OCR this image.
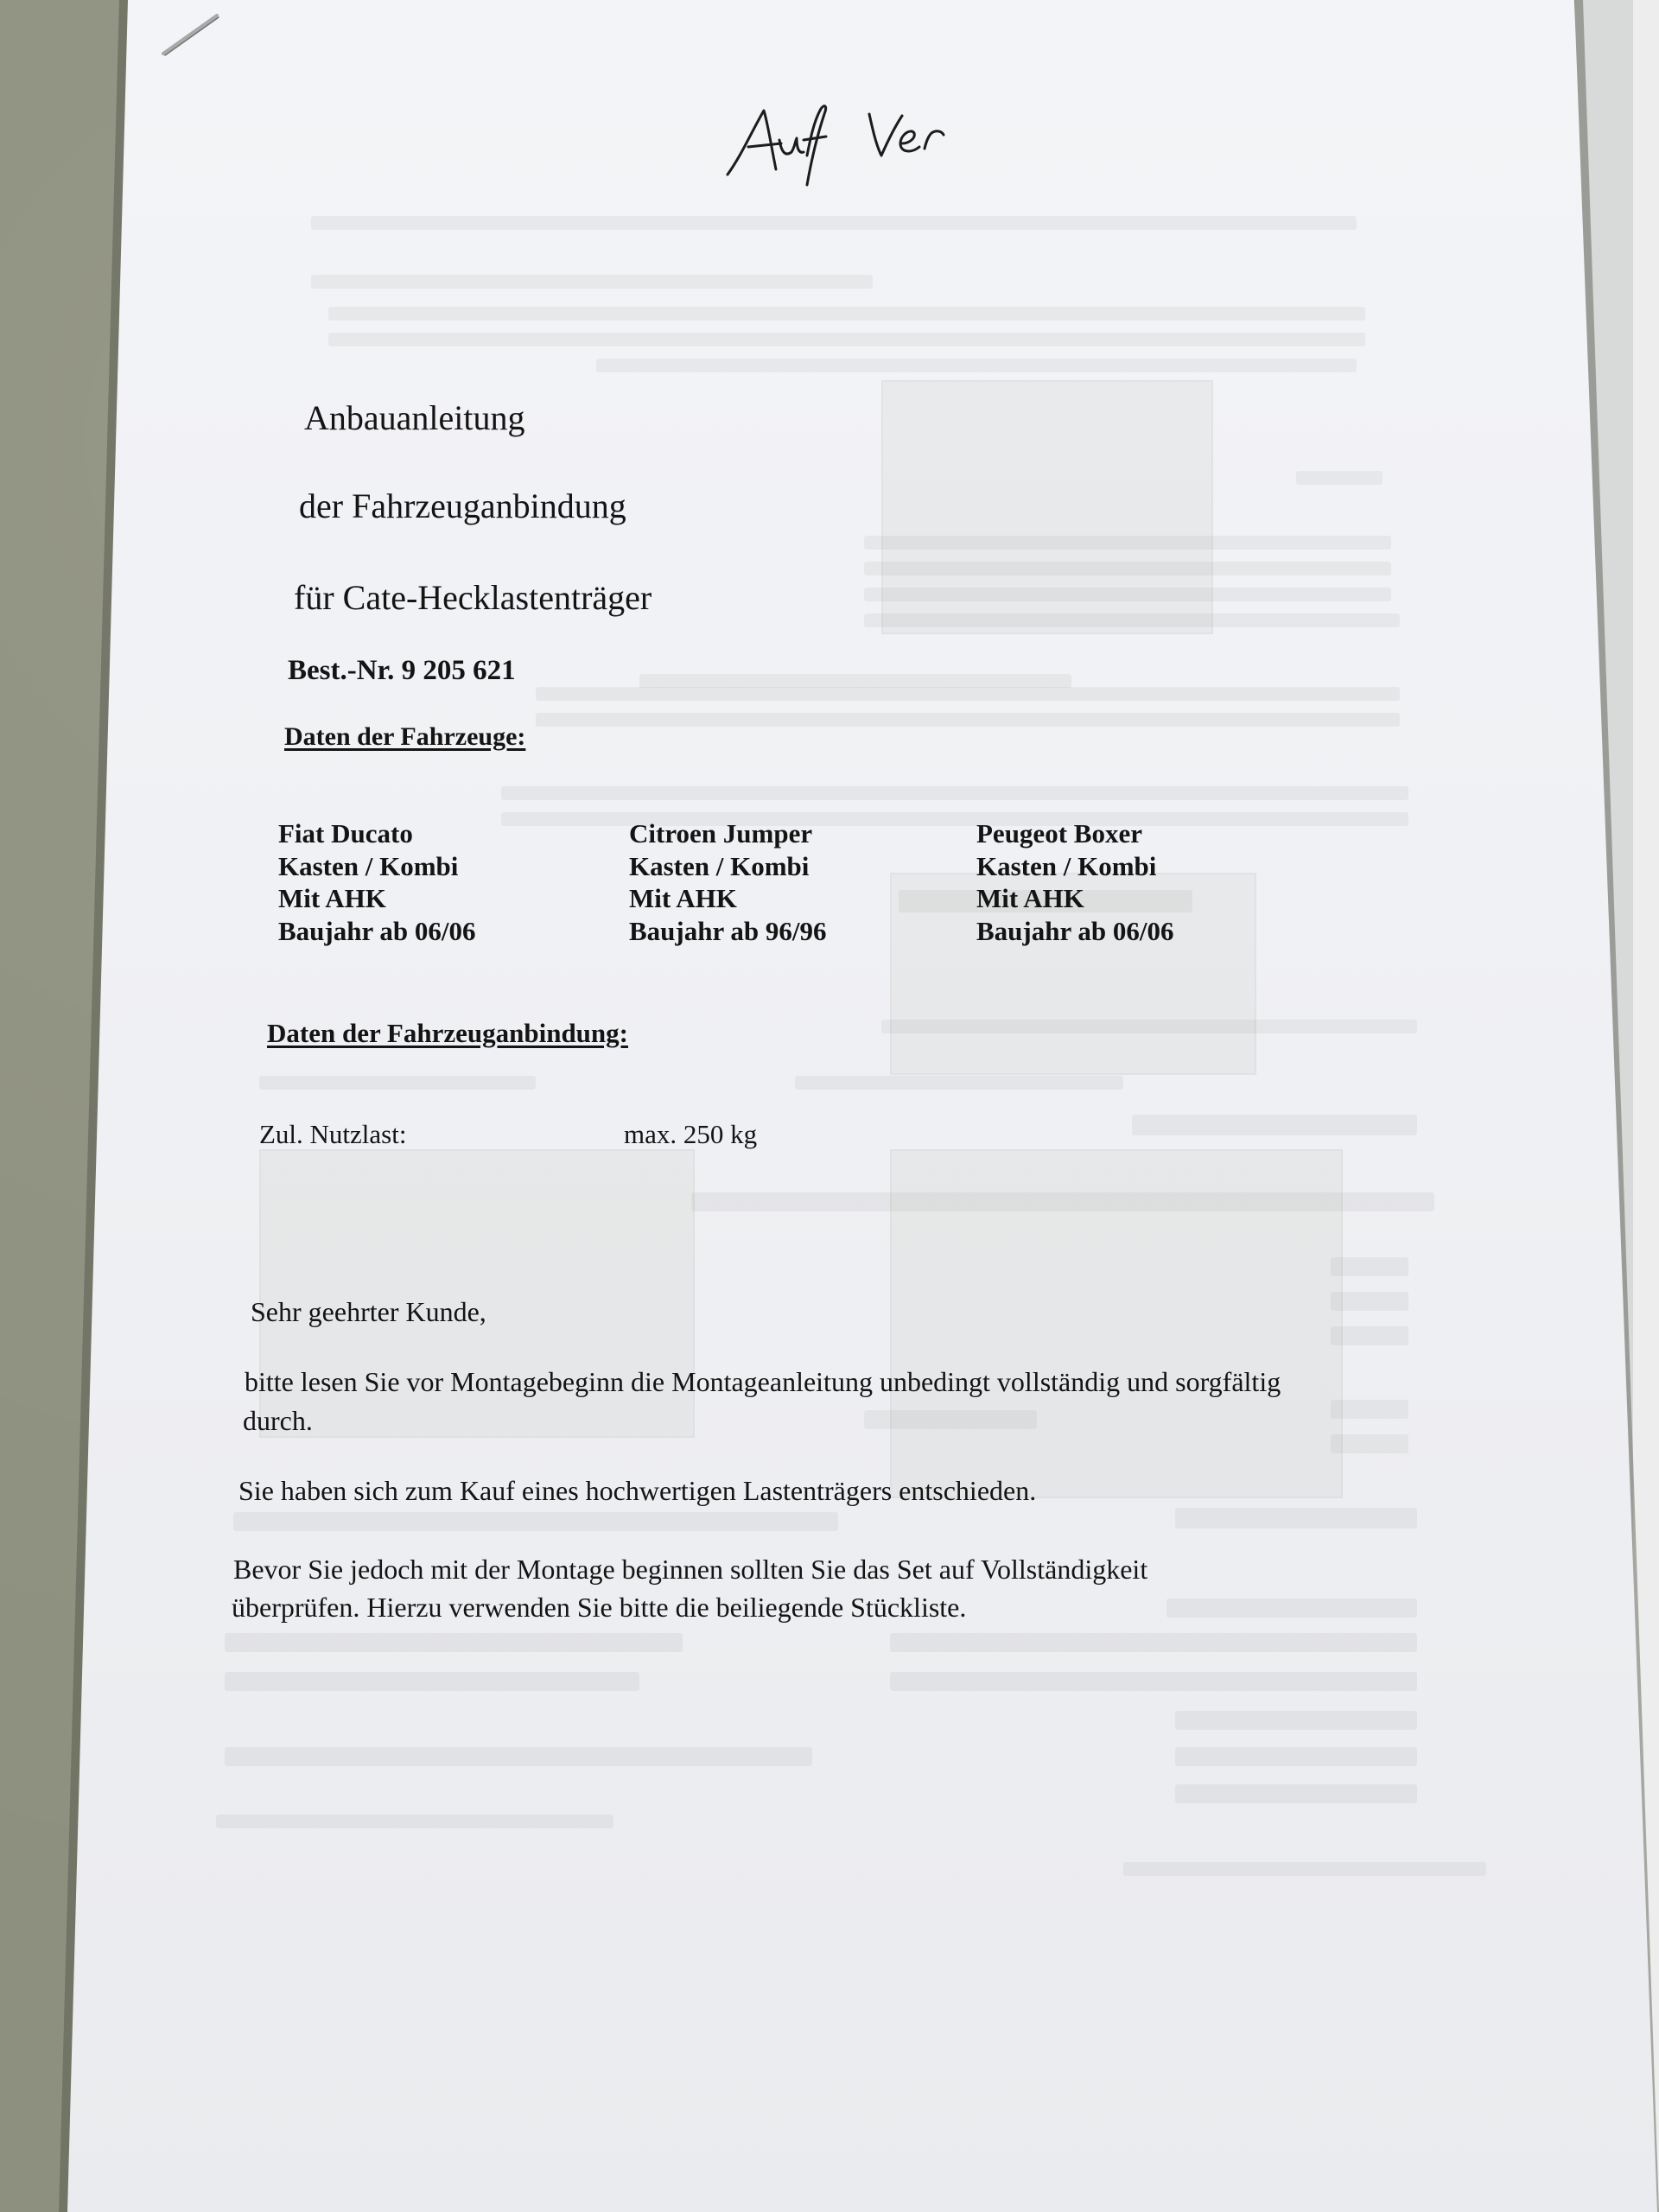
Anbauanleitung
der Fahrzeuganbindung
für Cate-Hecklastenträger
Best.-Nr. 9 205 621
Daten der Fahrzeuge:
Fiat Ducato
Kasten / Kombi
Mit AHK
Baujahr ab 06/06
Citroen Jumper
Kasten / Kombi
Mit AHK
Baujahr ab 96/96
Peugeot Boxer
Kasten / Kombi
Mit AHK
Baujahr ab 06/06
Daten der Fahrzeuganbindung:
Zul. Nutzlast:	max. 250 kg
Sehr geehrter Kunde,
bitte lesen Sie vor Montagebeginn die Montageanleitung unbedingt vollständig und sorgfältig
durch.
Sie haben sich zum Kauf eines hochwertigen Lastenträgers entschieden.
Bevor Sie jedoch mit der Montage beginnen sollten Sie das Set auf Vollständigkeit
überprüfen. Hierzu verwenden Sie bitte die beiliegende Stückliste.
